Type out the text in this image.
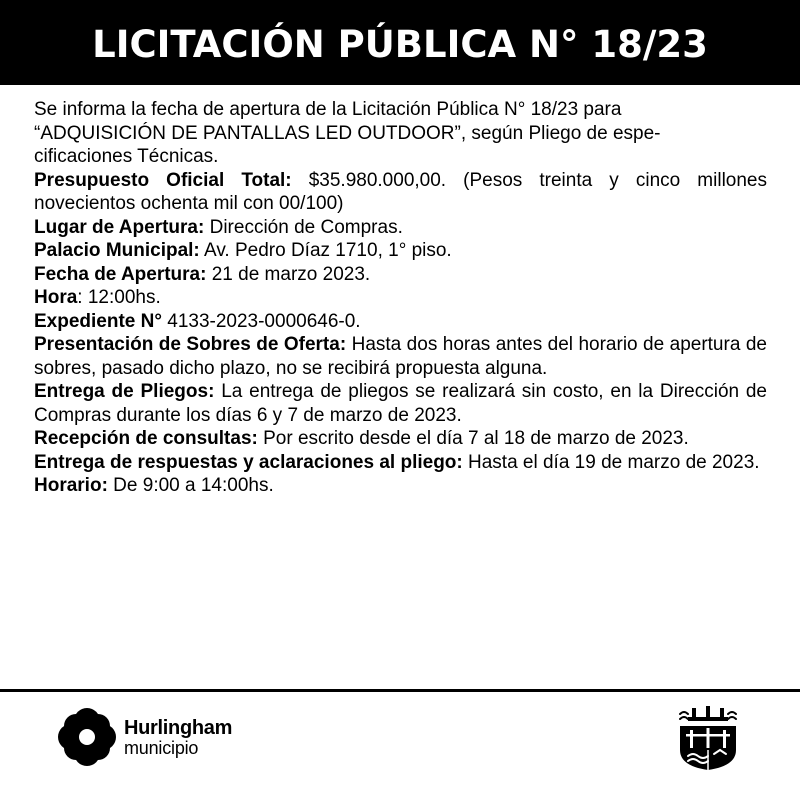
LICITACIÓN PÚBLICA N° 18/23

Se informa la fecha de apertura de la Licitación Pública N° 18/23 para

“ADQUISICIÓN DE PANTALLAS LED OUTDOOR”, según Pliego de espe-

cificaciones Técnicas.

Presupuesto Oficial Total: $35.980.000,00. (Pesos treinta y cinco millones novecientos ochenta mil con 00/100)

Lugar de Apertura: Dirección de Compras.

Palacio Municipal: Av. Pedro Díaz 1710, 1° piso.

Fecha de Apertura: 21 de marzo 2023.

Hora: 12:00hs.

Expediente N° 4133-2023-0000646-0.

Presentación de Sobres de Oferta: Hasta dos horas antes del horario de apertura de sobres, pasado dicho plazo, no se recibirá propuesta alguna.

Entrega de Pliegos: La entrega de pliegos se realizará sin costo, en la Dirección de Compras durante los días 6 y 7 de marzo de 2023.

Recepción de consultas: Por escrito desde el día 7 al 18 de marzo de 2023.

Entrega de respuestas y aclaraciones al pliego: Hasta el día 19 de marzo de 2023.

Horario: De 9:00 a 14:00hs.

Hurlingham
municipio
